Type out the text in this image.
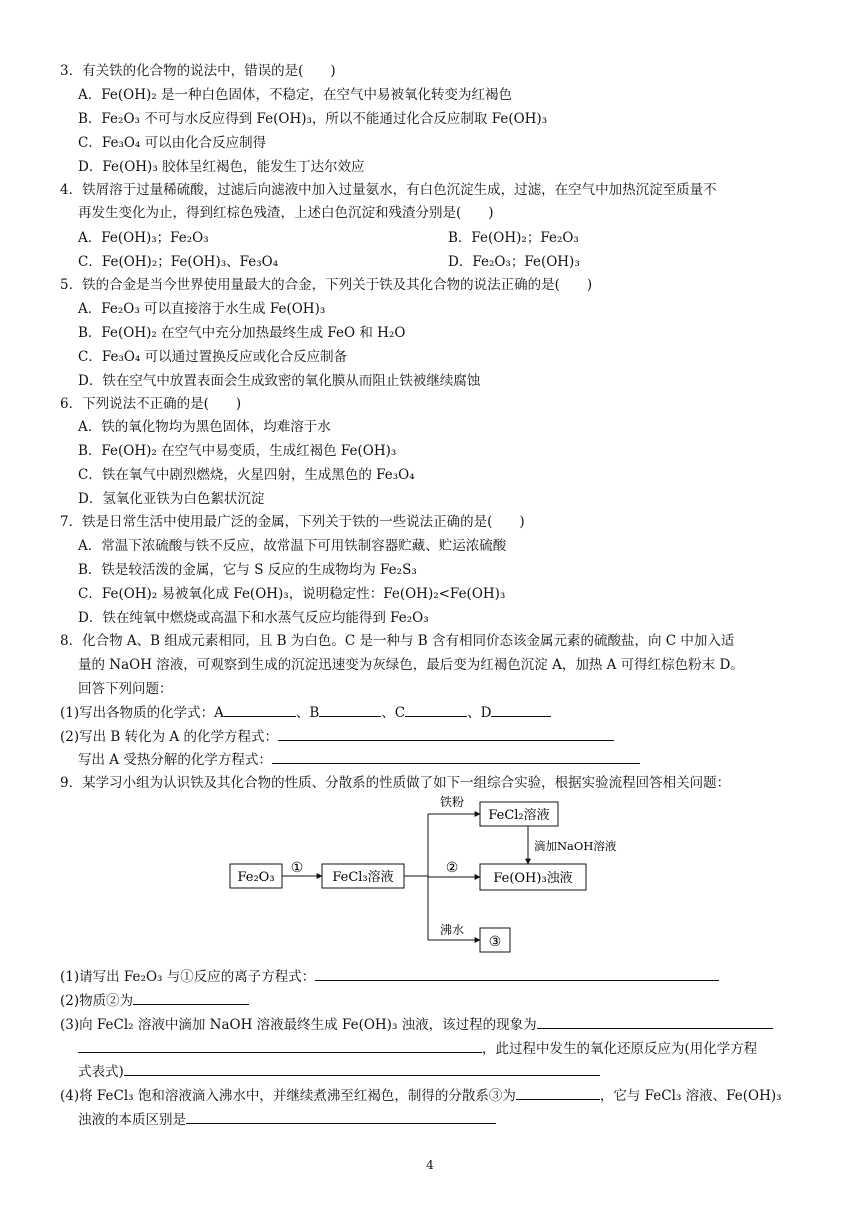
3．有关铁的化合物的说法中，错误的是(　　)
A．Fe(OH)₂ 是一种白色固体，不稳定，在空气中易被氧化转变为红褐色
B．Fe₂O₃ 不可与水反应得到 Fe(OH)₃，所以不能通过化合反应制取 Fe(OH)₃
C．Fe₃O₄ 可以由化合反应制得
D．Fe(OH)₃ 胶体呈红褐色，能发生丁达尔效应
4．铁屑溶于过量稀硫酸，过滤后向滤液中加入过量氨水，有白色沉淀生成，过滤，在空气中加热沉淀至质量不
再发生变化为止，得到红棕色残渣，上述白色沉淀和残渣分别是(　　)
A．Fe(OH)₃；Fe₂O₃	B．Fe(OH)₂；Fe₂O₃
C．Fe(OH)₂；Fe(OH)₃、Fe₃O₄	D．Fe₂O₃；Fe(OH)₃
5．铁的合金是当今世界使用量最大的合金，下列关于铁及其化合物的说法正确的是(　　)
A．Fe₂O₃ 可以直接溶于水生成 Fe(OH)₃
B．Fe(OH)₂ 在空气中充分加热最终生成 FeO 和 H₂O
C．Fe₃O₄ 可以通过置换反应或化合反应制备
D．铁在空气中放置表面会生成致密的氧化膜从而阻止铁被继续腐蚀
6．下列说法不正确的是(　　)
A．铁的氧化物均为黑色固体，均难溶于水
B．Fe(OH)₂ 在空气中易变质，生成红褐色 Fe(OH)₃
C．铁在氧气中剧烈燃烧，火星四射，生成黑色的 Fe₃O₄
D．氢氧化亚铁为白色絮状沉淀
7．铁是日常生活中使用最广泛的金属，下列关于铁的一些说法正确的是(　　)
A．常温下浓硫酸与铁不反应，故常温下可用铁制容器贮藏、贮运浓硫酸
B．铁是较活泼的金属，它与 S 反应的生成物均为 Fe₂S₃
C．Fe(OH)₂ 易被氧化成 Fe(OH)₃，说明稳定性：Fe(OH)₂<Fe(OH)₃
D．铁在纯氧中燃烧或高温下和水蒸气反应均能得到 Fe₂O₃
8．化合物 A、B 组成元素相同，且 B 为白色。C 是一种与 B 含有相同价态该金属元素的硫酸盐，向 C 中加入适
量的 NaOH 溶液，可观察到生成的沉淀迅速变为灰绿色，最后变为红褐色沉淀 A，加热 A 可得红棕色粉末 D。
回答下列问题：
(1)写出各物质的化学式：A	、B	、C	、D
(2)写出 B 转化为 A 的化学方程式：
写出 A 受热分解的化学方程式：
9．某学习小组为认识铁及其化合物的性质、分散系的性质做了如下一组综合实验，根据实验流程回答相关问题：
Fe₂O₃
①
FeCl₃溶液
铁粉
FeCl₂溶液
滴加NaOH溶液
②
Fe(OH)₃浊液
沸水
③
(1)请写出 Fe₂O₃ 与①反应的离子方程式：
(2)物质②为
(3)向 FeCl₂ 溶液中滴加 NaOH 溶液最终生成 Fe(OH)₃ 浊液，该过程的现象为
，此过程中发生的氧化还原反应为(用化学方程
式表式)
(4)将 FeCl₃ 饱和溶液滴入沸水中，并继续煮沸至红褐色，制得的分散系③为	，它与 FeCl₃ 溶液、Fe(OH)₃
浊液的本质区别是
4
